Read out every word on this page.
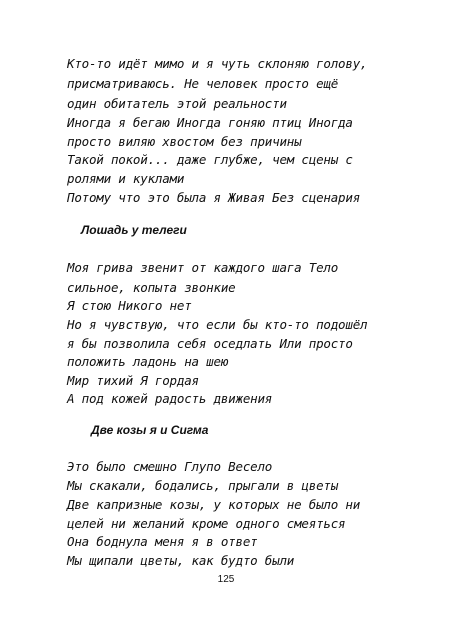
Кто-то идёт мимо и я чуть склоняю голову,
присматриваюсь. Не человек просто ещё
один обитатель этой реальности
Иногда я бегаю Иногда гоняю птиц Иногда
просто виляю хвостом без причины
Такой покой... даже глубже, чем сцены с
ролями и куклами
Потому что это была я Живая Без сценария
Лошадь у телеги
Моя грива звенит от каждого шага Тело
сильное, копыта звонкие
Я стою Никого нет
Но я чувствую, что если бы кто-то подошёл
я бы позволила себя оседлать Или просто
положить ладонь на шею
Мир тихий Я гордая
А под кожей радость движения
Две козы я и Сигма
Это было смешно Глупо Весело
Мы скакали, бодались, прыгали в цветы
Две капризные козы, у которых не было ни
целей ни желаний кроме одного смеяться
Она боднула меня я в ответ
Мы щипали цветы, как будто были
125
